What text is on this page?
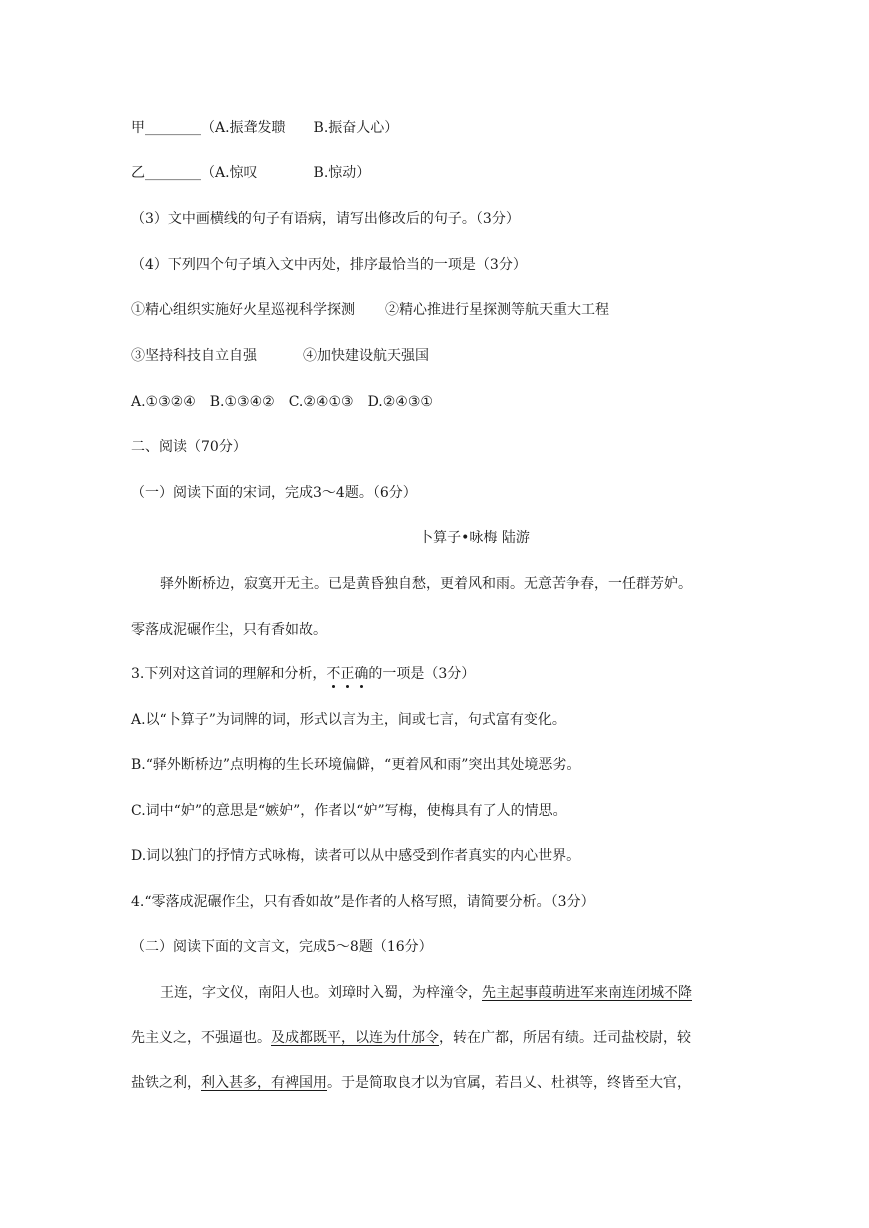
甲________（A.振聋发聩　　B.振奋人心）
乙________（A.惊叹　　　　B.惊动）
（3）文中画横线的句子有语病，请写出修改后的句子。（3分）
（4）下列四个句子填入文中丙处，排序最恰当的一项是（3分）
①精心组织实施好火星巡视科学探测 ②精心推进行星探测等航天重大工程
③坚持科技自立自强	④加快建设航天强国
A.①③②④　B.①③④②　C.②④①③　D.②④③①
二、阅读（70分）
（一）阅读下面的宋词，完成3～4题。（6分）
卜算子•咏梅 陆游
驿外断桥边，寂寞开无主。已是黄昏独自愁，更着风和雨。无意苦争春，一任群芳妒。
零落成泥碾作尘，只有香如故。
3.下列对这首词的理解和分析，不正确的一项是（3分）
A.以“卜算子”为词牌的词，形式以言为主，间或七言，句式富有变化。
B.“驿外断桥边”点明梅的生长环境偏僻，“更着风和雨”突出其处境恶劣。
C.词中“妒”的意思是“嫉妒”，作者以“妒”写梅，使梅具有了人的情思。
D.词以独门的抒情方式咏梅，读者可以从中感受到作者真实的内心世界。
4.“零落成泥碾作尘，只有香如故”是作者的人格写照，请简要分析。（3分）
（二）阅读下面的文言文，完成5～8题（16分）
王连，字文仪，南阳人也。刘璋时入蜀，为梓潼令，先主起事葭萌进军来南连闭城不降
先主义之，不强逼也。及成都既平，以连为什邡令，转在广都，所居有绩。迁司盐校尉，较
盐铁之利，利入甚多，有裨国用。于是简取良才以为官属，若吕乂、杜祺等，终皆至大官，
